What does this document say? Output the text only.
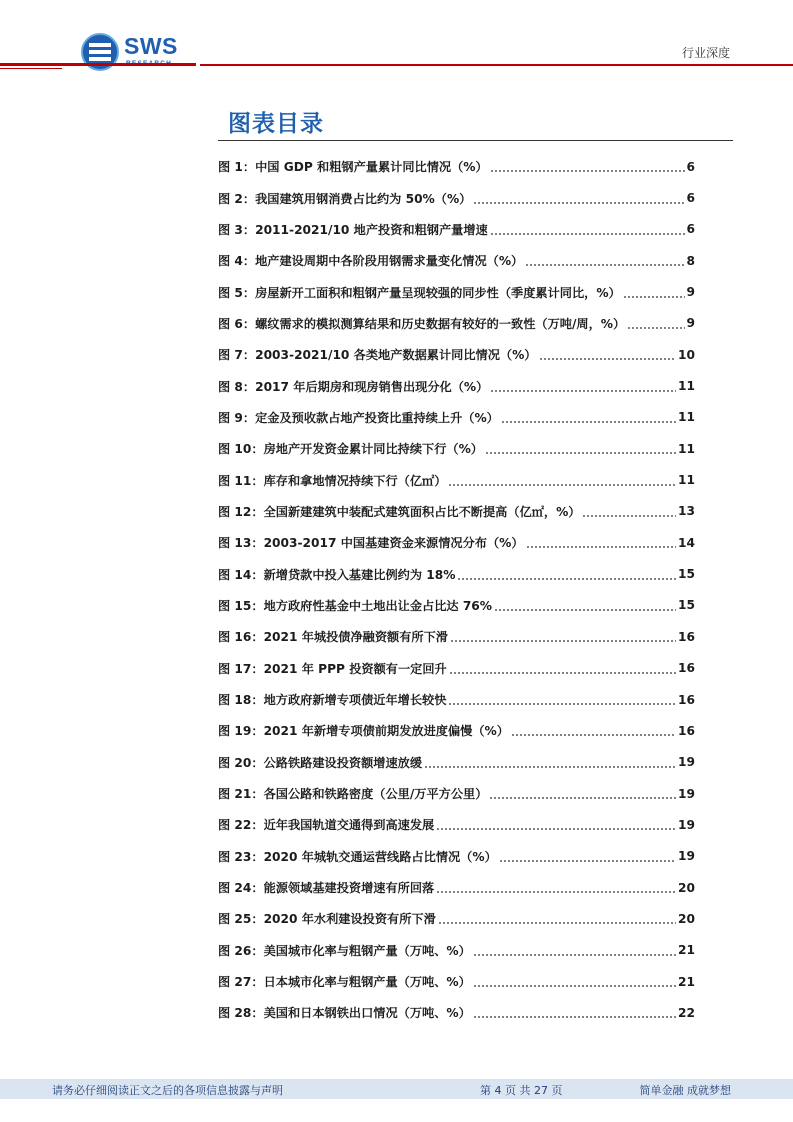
SWS	行业深度
图表目录
图 1：中国 GDP 和粗钢产量累计同比情况（%）	6
图 2：我国建筑用钢消费占比约为 50%（%）	6
图 3：2011-2021/10 地产投资和粗钢产量增速	6
图 4：地产建设周期中各阶段用钢需求量变化情况（%）	8
图 5：房屋新开工面积和粗钢产量呈现较强的同步性（季度累计同比，%）	9
图 6：螺纹需求的模拟测算结果和历史数据有较好的一致性（万吨/周，%）	9
图 7：2003-2021/10 各类地产数据累计同比情况（%）	10
图 8：2017 年后期房和现房销售出现分化（%）	11
图 9：定金及预收款占地产投资比重持续上升（%）	11
图 10：房地产开发资金累计同比持续下行（%）	11
图 11：库存和拿地情况持续下行（亿㎡）	11
图 12：全国新建建筑中装配式建筑面积占比不断提高（亿㎡，%）	13
图 13：2003-2017 中国基建资金来源情况分布（%）	14
图 14：新增贷款中投入基建比例约为 18%	15
图 15：地方政府性基金中土地出让金占比达 76%	15
图 16：2021 年城投债净融资额有所下滑	16
图 17：2021 年 PPP 投资额有一定回升	16
图 18：地方政府新增专项债近年增长较快	16
图 19：2021 年新增专项债前期发放进度偏慢（%）	16
图 20：公路铁路建设投资额增速放缓	19
图 21：各国公路和铁路密度（公里/万平方公里）	19
图 22：近年我国轨道交通得到高速发展	19
图 23：2020 年城轨交通运营线路占比情况（%）	19
图 24：能源领域基建投资增速有所回落	20
图 25：2020 年水利建设投资有所下滑	20
图 26：美国城市化率与粗钢产量（万吨、%）	21
图 27：日本城市化率与粗钢产量（万吨、%）	21
图 28：美国和日本钢铁出口情况（万吨、%）	22
请务必仔细阅读正文之后的各项信息披露与声明	第 4 页 共 27 页	简单金融 成就梦想
